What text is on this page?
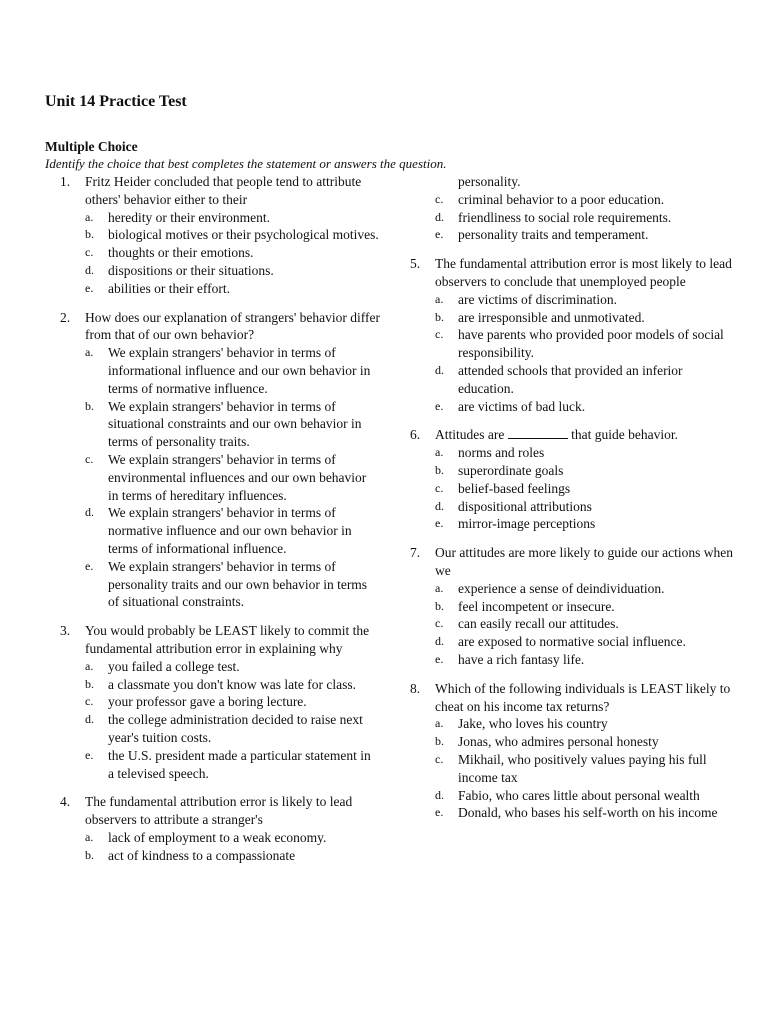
Unit 14 Practice Test
Multiple Choice
Identify the choice that best completes the statement or answers the question.
1.	Fritz Heider concluded that people tend to attribute others' behavior either to their
a.	heredity or their environment.
b.	biological motives or their psychological motives.
c.	thoughts or their emotions.
d.	dispositions or their situations.
e.	abilities or their effort.
2.	How does our explanation of strangers' behavior differ from that of our own behavior?
a.	We explain strangers' behavior in terms of informational influence and our own behavior in terms of normative influence.
b.	We explain strangers' behavior in terms of situational constraints and our own behavior in terms of personality traits.
c.	We explain strangers' behavior in terms of environmental influences and our own behavior in terms of hereditary influences.
d.	We explain strangers' behavior in terms of normative influence and our own behavior in terms of informational influence.
e.	We explain strangers' behavior in terms of personality traits and our own behavior in terms of situational constraints.
3.	You would probably be LEAST likely to commit the fundamental attribution error in explaining why
a.	you failed a college test.
b.	a classmate you don't know was late for class.
c.	your professor gave a boring lecture.
d.	the college administration decided to raise next year's tuition costs.
e.	the U.S. president made a particular statement in a televised speech.
4.	The fundamental attribution error is likely to lead observers to attribute a stranger's
a.	lack of employment to a weak economy.
b.	act of kindness to a compassionate
personality.
c.	criminal behavior to a poor education.
d.	friendliness to social role requirements.
e.	personality traits and temperament.
5.	The fundamental attribution error is most likely to lead observers to conclude that unemployed people
a.	are victims of discrimination.
b.	are irresponsible and unmotivated.
c.	have parents who provided poor models of social responsibility.
d.	attended schools that provided an inferior education.
e.	are victims of bad luck.
6.	Attitudes are	that guide behavior.
a.	norms and roles
b.	superordinate goals
c.	belief-based feelings
d.	dispositional attributions
e.	mirror-image perceptions
7.	Our attitudes are more likely to guide our actions when we
a.	experience a sense of deindividuation.
b.	feel incompetent or insecure.
c.	can easily recall our attitudes.
d.	are exposed to normative social influence.
e.	have a rich fantasy life.
8.	Which of the following individuals is LEAST likely to cheat on his income tax returns?
a.	Jake, who loves his country
b.	Jonas, who admires personal honesty
c.	Mikhail, who positively values paying his full income tax
d.	Fabio, who cares little about personal wealth
e.	Donald, who bases his self-worth on his income
